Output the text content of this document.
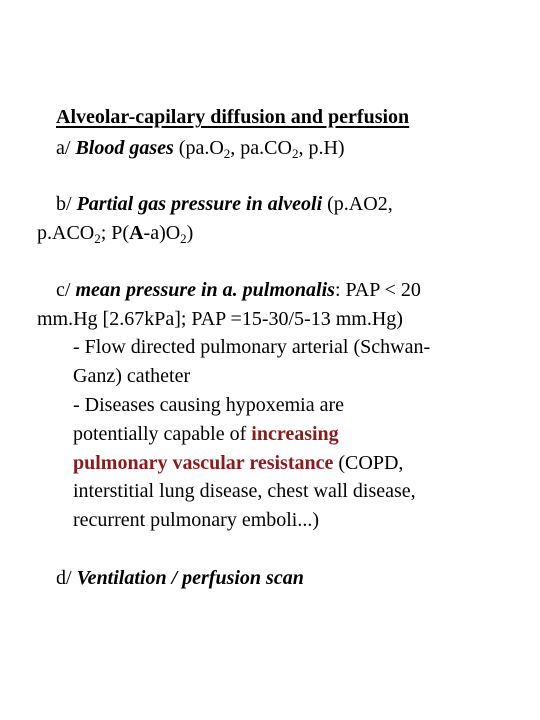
Alveolar-capilary diffusion and perfusion
a/ Blood gases ($pa.O_2$, $pa.CO_2$, p.H)
b/ Partial gas pressure in alveoli (p.AO2,
$p.ACO_2$; $P(A-a)O_2$)
c/ mean pressure in a. pulmonalis: PAP < 20
mm.Hg [2.67kPa]; PAP =15-30/5-13 mm.Hg)
- Flow directed pulmonary arterial (Schwan-
Ganz) catheter
- Diseases causing hypoxemia are
potentially capable of increasing
pulmonary vascular resistance (COPD,
interstitial lung disease, chest wall disease,
recurrent pulmonary emboli...)
d/ Ventilation / perfusion scan
